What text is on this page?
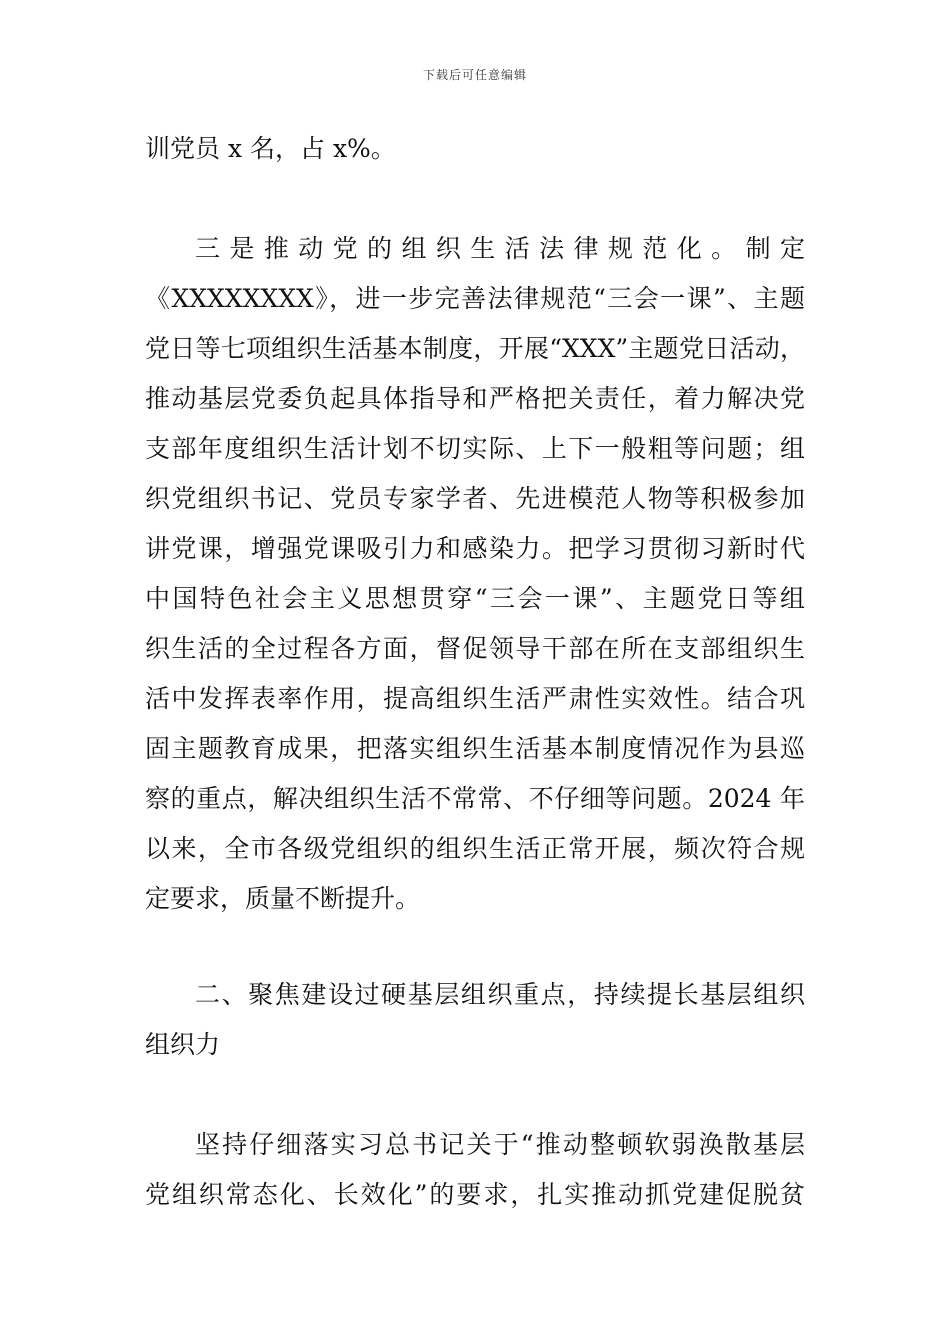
下载后可任意编辑
训党员 x 名，占 x%。
三是推动党的组织生活法律规范化。制定
《XXXXXXXX》，进一步完善法律规范“三会一课”、主题
党日等七项组织生活基本制度，开展“XXX”主题党日活动，
推动基层党委负起具体指导和严格把关责任，着力解决党
支部年度组织生活计划不切实际、上下一般粗等问题；组
织党组织书记、党员专家学者、先进模范人物等积极参加
讲党课，增强党课吸引力和感染力。把学习贯彻习新时代
中国特色社会主义思想贯穿“三会一课”、主题党日等组
织生活的全过程各方面，督促领导干部在所在支部组织生
活中发挥表率作用，提高组织生活严肃性实效性。结合巩
固主题教育成果，把落实组织生活基本制度情况作为县巡
察的重点，解决组织生活不常常、不仔细等问题。2024 年
以来，全市各级党组织的组织生活正常开展，频次符合规
定要求，质量不断提升。
二、聚焦建设过硬基层组织重点，持续提长基层组织
组织力
坚持仔细落实习总书记关于“推动整顿软弱涣散基层
党组织常态化、长效化”的要求，扎实推动抓党建促脱贫
